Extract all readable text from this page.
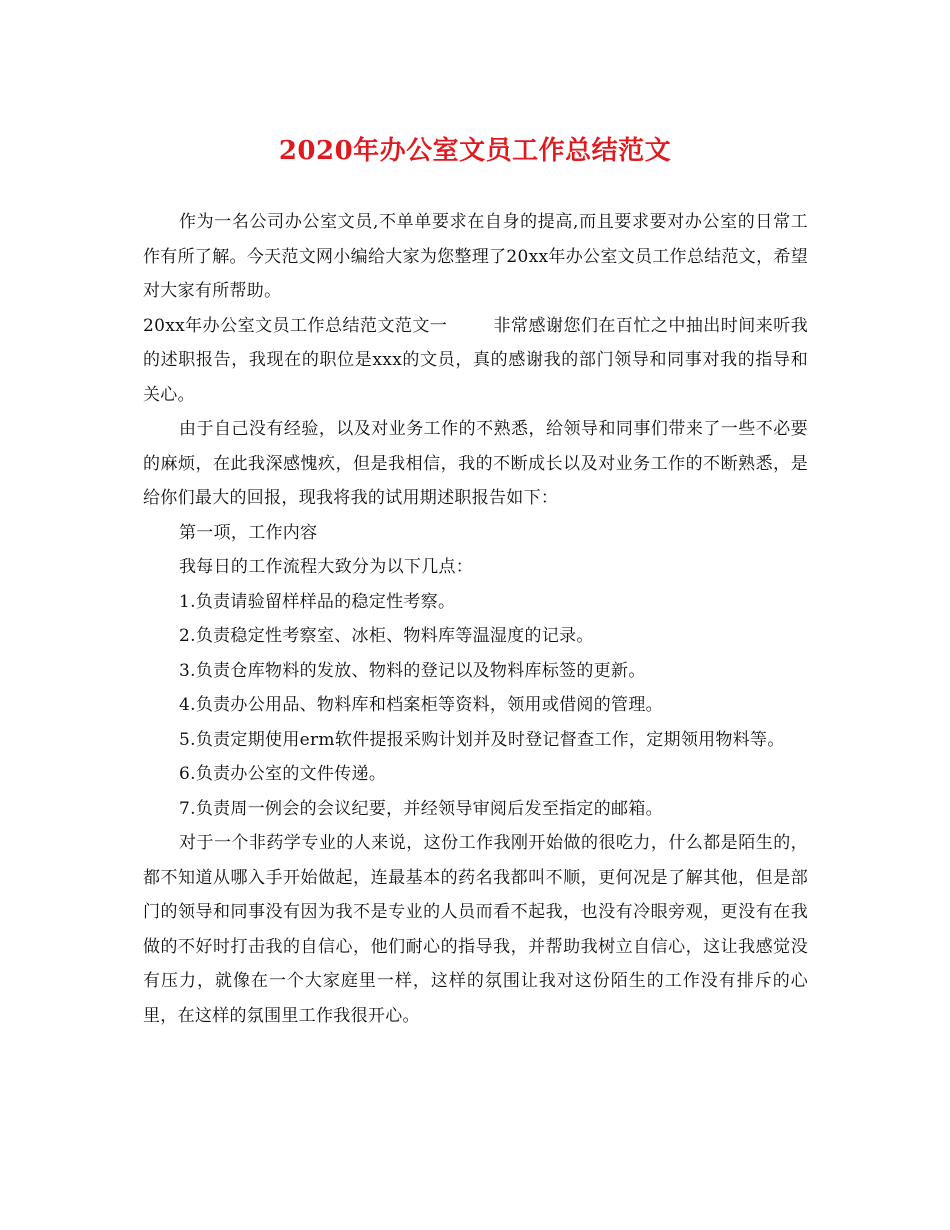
2020年办公室文员工作总结范文

作为一名公司办公室文员,不单单要求在自身的提高,而且要求要对办公室的日常工作有所了解。今天范文网小编给大家为您整理了20xx年办公室文员工作总结范文，希望对大家有所帮助。

20xx年办公室文员工作总结范文范文一	非常感谢您们在百忙之中抽出时间来听我的述职报告，我现在的职位是xxx的文员，真的感谢我的部门领导和同事对我的指导和关心。

由于自己没有经验，以及对业务工作的不熟悉，给领导和同事们带来了一些不必要的麻烦，在此我深感愧疚，但是我相信，我的不断成长以及对业务工作的不断熟悉，是给你们最大的回报，现我将我的试用期述职报告如下：

第一项，工作内容

我每日的工作流程大致分为以下几点：

1.负责请验留样样品的稳定性考察。

2.负责稳定性考察室、冰柜、物料库等温湿度的记录。

3.负责仓库物料的发放、物料的登记以及物料库标签的更新。

4.负责办公用品、物料库和档案柜等资料，领用或借阅的管理。

5.负责定期使用erm软件提报采购计划并及时登记督查工作，定期领用物料等。

6.负责办公室的文件传递。

7.负责周一例会的会议纪要，并经领导审阅后发至指定的邮箱。

对于一个非药学专业的人来说，这份工作我刚开始做的很吃力，什么都是陌生的，都不知道从哪入手开始做起，连最基本的药名我都叫不顺，更何况是了解其他，但是部门的领导和同事没有因为我不是专业的人员而看不起我，也没有冷眼旁观，更没有在我做的不好时打击我的自信心，他们耐心的指导我，并帮助我树立自信心，这让我感觉没有压力，就像在一个大家庭里一样，这样的氛围让我对这份陌生的工作没有排斥的心里，在这样的氛围里工作我很开心。
